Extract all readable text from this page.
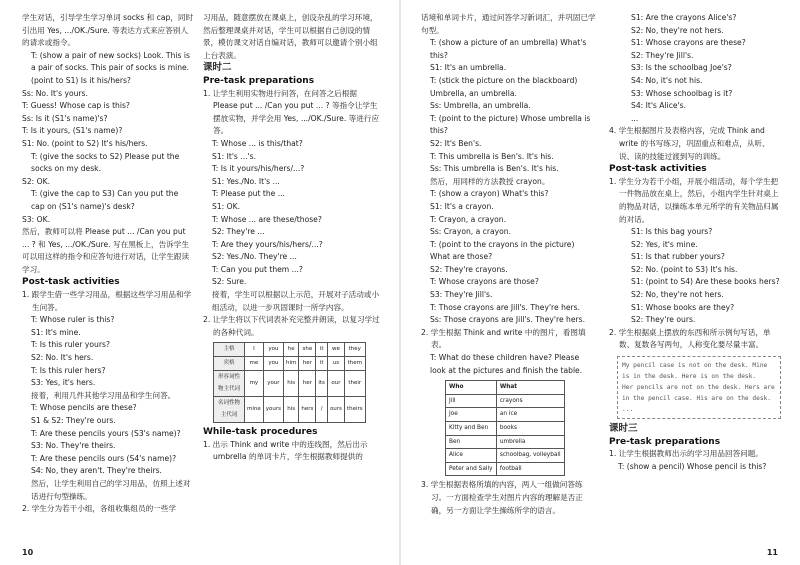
学生对话，引导学生学习单词 socks 和 cap，同时引出用 Yes, .../OK./Sure. 等表达方式来应答别人的请求或指令。

T: (show a pair of new socks) Look. This is a pair of socks. This pair of socks is mine. (point to S1) Is it his/hers?

Ss: No. It's yours.

T: Guess! Whose cap is this?

Ss: Is it (S1's name)'s?

T: Is it yours, (S1's name)?

S1: No. (point to S2) It's his/hers.

T: (give the socks to S2) Please put the socks on my desk.

S2: OK.

T: (give the cap to S3) Can you put the cap on (S1's name)'s desk?

S3: OK.

然后，教师可以将 Please put ... /Can you put ... ? 和 Yes, .../OK./Sure. 写在黑板上，告诉学生可以用这样的指令和应答句进行对话，让学生跟读学习。

Post-task activities

1. 跟学生借一些学习用品，根据这些学习用品和学生问答。

T: Whose ruler is this?

S1: It's mine.

T: Is this ruler yours?

S2: No. It's hers.

T: Is this ruler hers?

S3: Yes, it's hers.

接着，利用几件其他学习用品和学生问答。

T: Whose pencils are these?

S1 & S2: They're ours.

T: Are these pencils yours (S3's name)?

S3: No. They're theirs.

T: Are these pencils ours (S4's name)?

S4: No, they aren't. They're theirs.

然后，让学生利用自己的学习用品，仿照上述对话进行句型操练。

2. 学生分为若干小组，各组收集组员的一些学

习用品，随意摆放在课桌上，创设杂乱的学习环境，然后整理课桌并对话，学生可以根据自己创设的情景，模仿课文对话自编对话，教师可以邀请个别小组上台表演。

课时二

Pre-task preparations

1. 让学生利用实物进行问答，在问答之后根据 Please put ... /Can you put ... ? 等指令让学生摆放实物，并学会用 Yes, .../OK./Sure. 等进行应答。

T: Whose ... is this/that?

S1: It's ...'s.

T: Is it yours/his/hers/...?

S1: Yes./No. It's ...

T: Please put the ...

S1: OK.

T: Whose ... are these/those?

S2: They're ...

T: Are they yours/his/hers/...?

S2: Yes./No. They're ...

T: Can you put them ...?

S2: Sure.

接着，学生可以根据以上示范，开展对子活动或小组活动，以进一步巩固课时一所学内容。

2. 让学生将以下代词表补充完整并朗读，以复习学过的各种代词。

主格	I	you	he	she	it	we	they
宾格	me	you	him	her	it	us	them
形容词性物主代词	my	your	his	her	its	our	their
名词性物主代词	mine	yours	his	hers	/	ours	theirs

While-task procedures

1. 出示 Think and write 中的连线图，然后出示 umbrella 的单词卡片，学生根据教师提供的

话境和单词卡片，通过问答学习新词汇，并巩固已学句型。

T: (show a picture of an umbrella) What's this?

S1: It's an umbrella.

T: (stick the picture on the blackboard) Umbrella, an umbrella.

Ss: Umbrella, an umbrella.

T: (point to the picture) Whose umbrella is this?

S2: It's Ben's.

T: This umbrella is Ben's. It's his.

Ss: This umbrella is Ben's. It's his.

然后，用同样的方法教授 crayon。

T: (show a crayon) What's this?

S1: It's a crayon.

T: Crayon, a crayon.

Ss: Crayon, a crayon.

T: (point to the crayons in the picture) What are those?

S2: They're crayons.

T: Whose crayons are those?

S3: They're Jill's.

T: Those crayons are Jill's. They're hers.

Ss: Those crayons are Jill's. They're hers.

2. 学生根据 Think and write 中的图片，看图填表。

T: What do these children have? Please look at the pictures and finish the table.

Who	What
Jill	crayons
Joe	an ice
Kitty and Ben	books
Ben	umbrella
Alice	schoolbag, volleyball
Peter and Sally	football

3. 学生根据表格所填的内容，两人一组做问答练习。一方面检查学生对图片内容的理解是否正确，另一方面让学生操练所学的语言。

S1: Are the crayons Alice's?

S2: No, they're not hers.

S1: Whose crayons are these?

S2: They're Jill's.

S3: Is the schoolbag Joe's?

S4: No, it's not his.

S3: Whose schoolbag is it?

S4: It's Alice's.

...

4. 学生根据图片及表格内容，完成 Think and write 的书写练习，巩固重点和难点，从听、说、读的技能过渡到写的训练。

Post-task activities

1. 学生分为若干小组，开展小组活动，每个学生把一件物品放在桌上，然后，小组内学生针对桌上的物品对话，以操练本单元所学的有关物品归属的对话。

S1: Is this bag yours?

S2: Yes, it's mine.

S1: Is that rubber yours?

S2: No. (point to S3) It's his.

S1: (point to S4) Are these books hers?

S2: No, they're not hers.

S1: Whose books are they?

S2: They're ours.

2. 学生根据桌上摆放的东西和所示例句写话，单数、复数各写两句，人称变化要尽量丰富。

My pencil case is not on the desk. Mine is in the desk. Here is on the desk.

Her pencils are not on the desk. Hers are in the pencil case. His are on the desk.

...

课时三

Pre-task preparations

1. 让学生根据教师出示的学习用品回答问题。

T: (show a pencil) Whose pencil is this?

10	11
